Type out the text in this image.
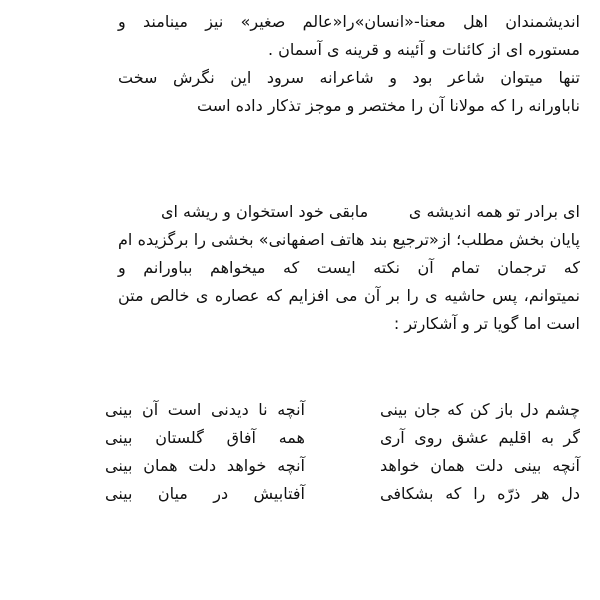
اندیشمندان اهل معنا-«انسان»را«عالم صغیر» نیز مینامند و
مستوره ای از کائنات و آئینه و قرینه ی آسمان .
تنها میتوان شاعر بود و شاعرانه سرود این نگرش سخت
ناباورانه را که مولانا آن را مختصر و موجز تذکار داده است
ای برادر تو همه اندیشه ی        مابقی خود استخوان و ریشه ای
پایان بخش مطلب؛ از«ترجیع بند هاتف اصفهانی» بخشی را برگزیده ام
که ترجمان تمام آن نکته ایست که میخواهم بباورانم و
نمیتوانم، پس حاشیه ی را بر آن می افزایم که عصاره ی خالص متن
است اما گویا تر و آشکارتر :
چشم دل باز کن که جان بینی
آنچه نا دیدنی است آن بینی
گر به اقلیم عشق روی آری
همه آفاق گلستان بینی
آنچه بینی دلت همان خواهد
آنچه خواهد دلت همان بینی
دل هر ذرّه را که بشکافی
آفتابیش در میان بینی
